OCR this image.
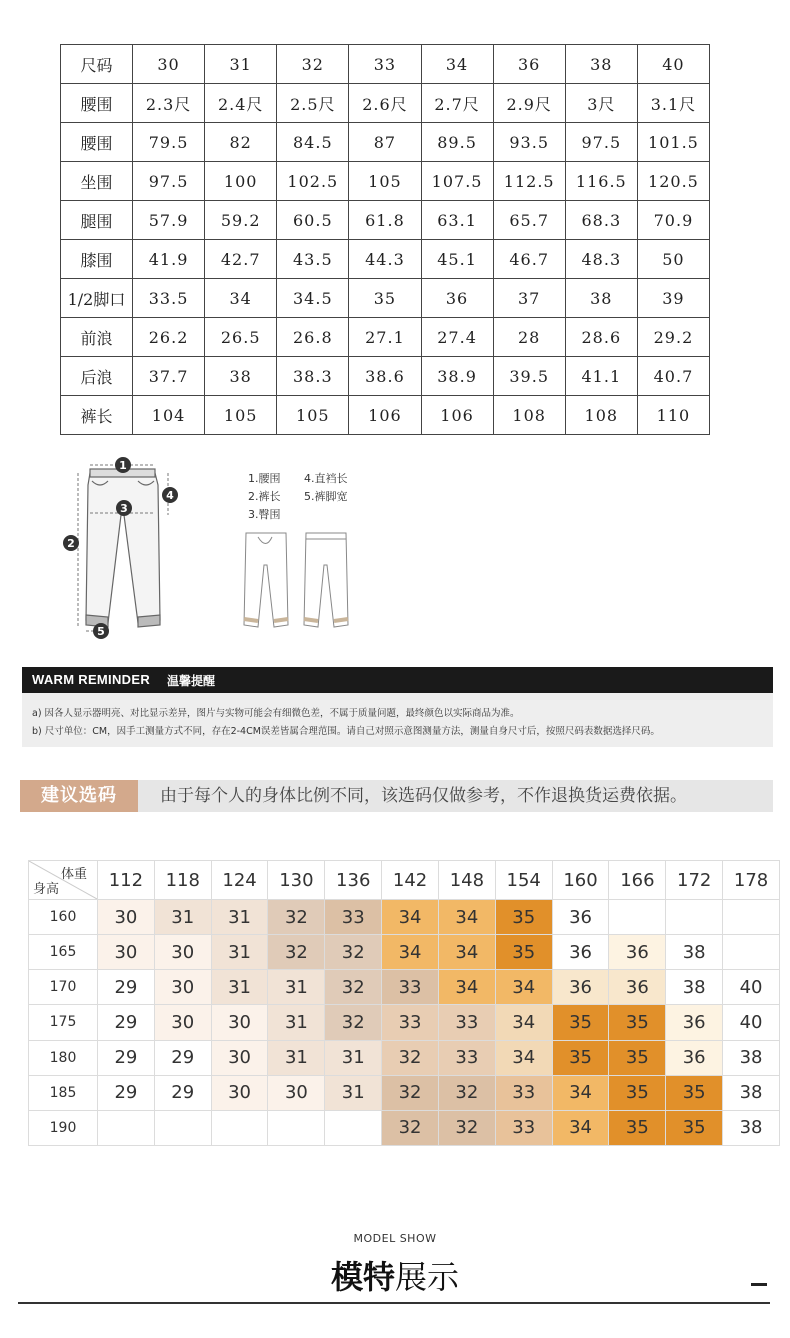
尺码	30	31	32	33	34	36	38	40
腰围	2.3尺	2.4尺	2.5尺	2.6尺	2.7尺	2.9尺	3尺	3.1尺
腰围	79.5	82	84.5	87	89.5	93.5	97.5	101.5
坐围	97.5	100	102.5	105	107.5	112.5	116.5	120.5
腿围	57.9	59.2	60.5	61.8	63.1	65.7	68.3	70.9
膝围	41.9	42.7	43.5	44.3	45.1	46.7	48.3	50
1/2脚口	33.5	34	34.5	35	36	37	38	39
前浪	26.2	26.5	26.8	27.1	27.4	28	28.6	29.2
后浪	37.7	38	38.3	38.6	38.9	39.5	41.1	40.7
裤长	104	105	105	106	106	108	108	110
1
2
3
4
5
1.腰围 4.直裆长
2.裤长 5.裤脚宽
3.臀围
WARM REMINDER 温馨提醒

a) 因各人显示器明亮、对比显示差异，图片与实物可能会有细微色差，不属于质量问题，最终颜色以实际商品为准。

b) 尺寸单位：CM，因手工测量方式不同，存在2-4CM误差皆属合理范围。请自己对照示意图测量方法，测量自身尺寸后，按照尺码表数据选择尺码。

建议选码	由于每个人的身体比例不同，该选码仅做参考，不作退换货运费依据。
体重
身高	112	118	124	130	136	142	148	154	160	166	172	178
160	30	31	31	32	33	34	34	35	36			
165	30	30	31	32	32	34	34	35	36	36	38	
170	29	30	31	31	32	33	34	34	36	36	38	40
175	29	30	30	31	32	33	33	34	35	35	36	40
180	29	29	30	31	31	32	33	34	35	35	36	38
185	29	29	30	30	31	32	32	33	34	35	35	38
190						32	32	33	34	35	35	38
MODEL SHOW
模特展示
